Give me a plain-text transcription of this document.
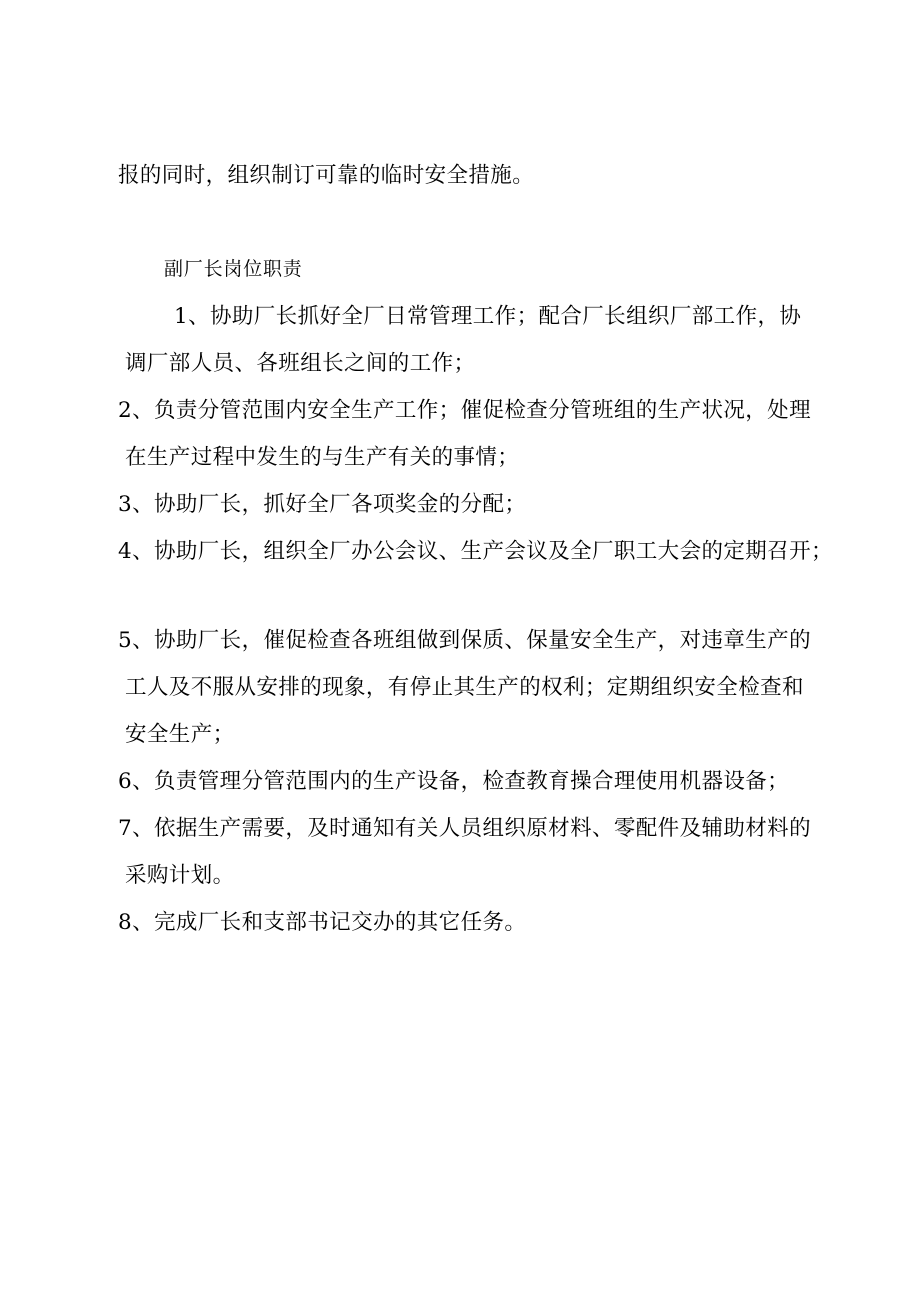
报的同时，组织制订可靠的临时安全措施。
副厂长岗位职责
1、协助厂长抓好全厂日常管理工作；配合厂长组织厂部工作，协
调厂部人员、各班组长之间的工作；
2、负责分管范围内安全生产工作；催促检查分管班组的生产状况，处理
在生产过程中发生的与生产有关的事情；
3、协助厂长，抓好全厂各项奖金的分配；
4、协助厂长，组织全厂办公会议、生产会议及全厂职工大会的定期召开；
5、协助厂长，催促检查各班组做到保质、保量安全生产，对违章生产的
工人及不服从安排的现象，有停止其生产的权利；定期组织安全检查和
安全生产；
6、负责管理分管范围内的生产设备，检查教育操合理使用机器设备；
7、依据生产需要，及时通知有关人员组织原材料、零配件及辅助材料的
采购计划。
8、完成厂长和支部书记交办的其它任务。
